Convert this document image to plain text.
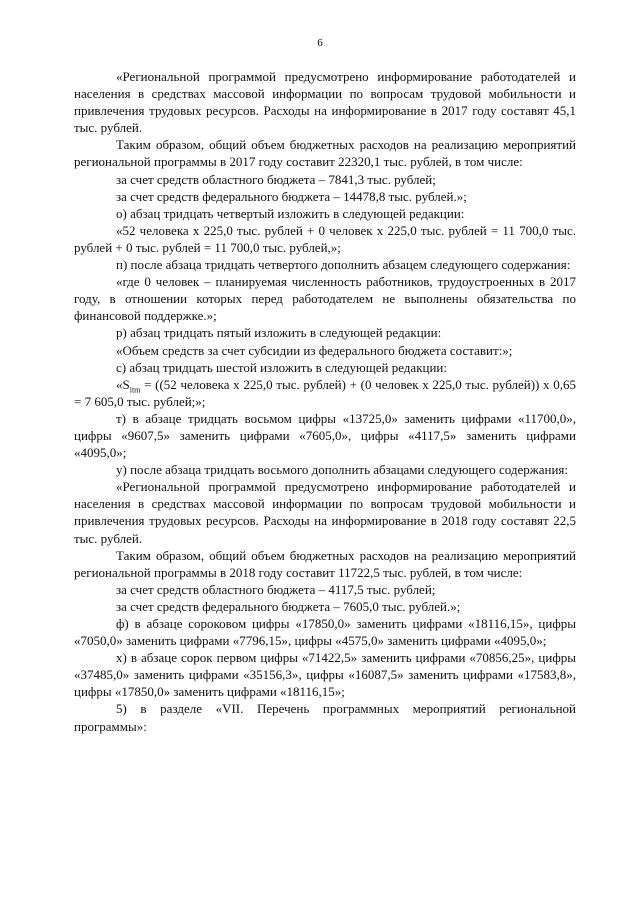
6

«Региональной программой предусмотрено информирование работодателей и населения в средствах массовой информации по вопросам трудовой мобильности и привлечения трудовых ресурсов. Расходы на информирование в 2017 году составят 45,1 тыс. рублей.

Таким образом, общий объем бюджетных расходов на реализацию мероприятий региональной программы в 2017 году составит 22320,1 тыс. рублей, в том числе:

за счет средств областного бюджета – 7841,3 тыс. рублей;

за счет средств федерального бюджета – 14478,8 тыс. рублей.»;

о) абзац тридцать четвертый изложить в следующей редакции:

«52 человека х 225,0 тыс. рублей + 0 человек х 225,0 тыс. рублей = 11 700,0 тыс. рублей + 0 тыс. рублей = 11 700,0 тыс. рублей,»;

п) после абзаца тридцать четвертого дополнить абзацем следующего содержания:

«где 0 человек – планируемая численность работников, трудоустроенных в 2017 году, в отношении которых перед работодателем не выполнены обязательства по финансовой поддержке.»;

р) абзац тридцать пятый изложить в следующей редакции:

«Объем средств за счет субсидии из федерального бюджета составит:»;

с) абзац тридцать шестой изложить в следующей редакции:

«$S_{itm} = ((52$ человека х 225,0 тыс. рублей) + (0 человек х 225,0 тыс. рублей)) х 0,65 = 7 605,0 тыс. рублей;»;

т) в абзаце тридцать восьмом цифры «13725,0» заменить цифрами «11700,0», цифры «9607,5» заменить цифрами «7605,0», цифры «4117,5» заменить цифрами «4095,0»;

у) после абзаца тридцать восьмого дополнить абзацами следующего содержания:

«Региональной программой предусмотрено информирование работодателей и населения в средствах массовой информации по вопросам трудовой мобильности и привлечения трудовых ресурсов. Расходы на информирование в 2018 году составят 22,5 тыс. рублей.

Таким образом, общий объем бюджетных расходов на реализацию мероприятий региональной программы в 2018 году составит 11722,5 тыс. рублей, в том числе:

за счет средств областного бюджета – 4117,5 тыс. рублей;

за счет средств федерального бюджета – 7605,0 тыс. рублей.»;

ф) в абзаце сороковом цифры «17850,0» заменить цифрами «18116,15», цифры «7050,0» заменить цифрами «7796,15», цифры «4575,0» заменить цифрами «4095,0»;

х) в абзаце сорок первом цифры «71422,5» заменить цифрами «70856,25», цифры «37485,0» заменить цифрами «35156,3», цифры «16087,5» заменить цифрами «17583,8», цифры «17850,0» заменить цифрами «18116,15»;

5) в разделе «VII. Перечень программных мероприятий региональной программы»:
